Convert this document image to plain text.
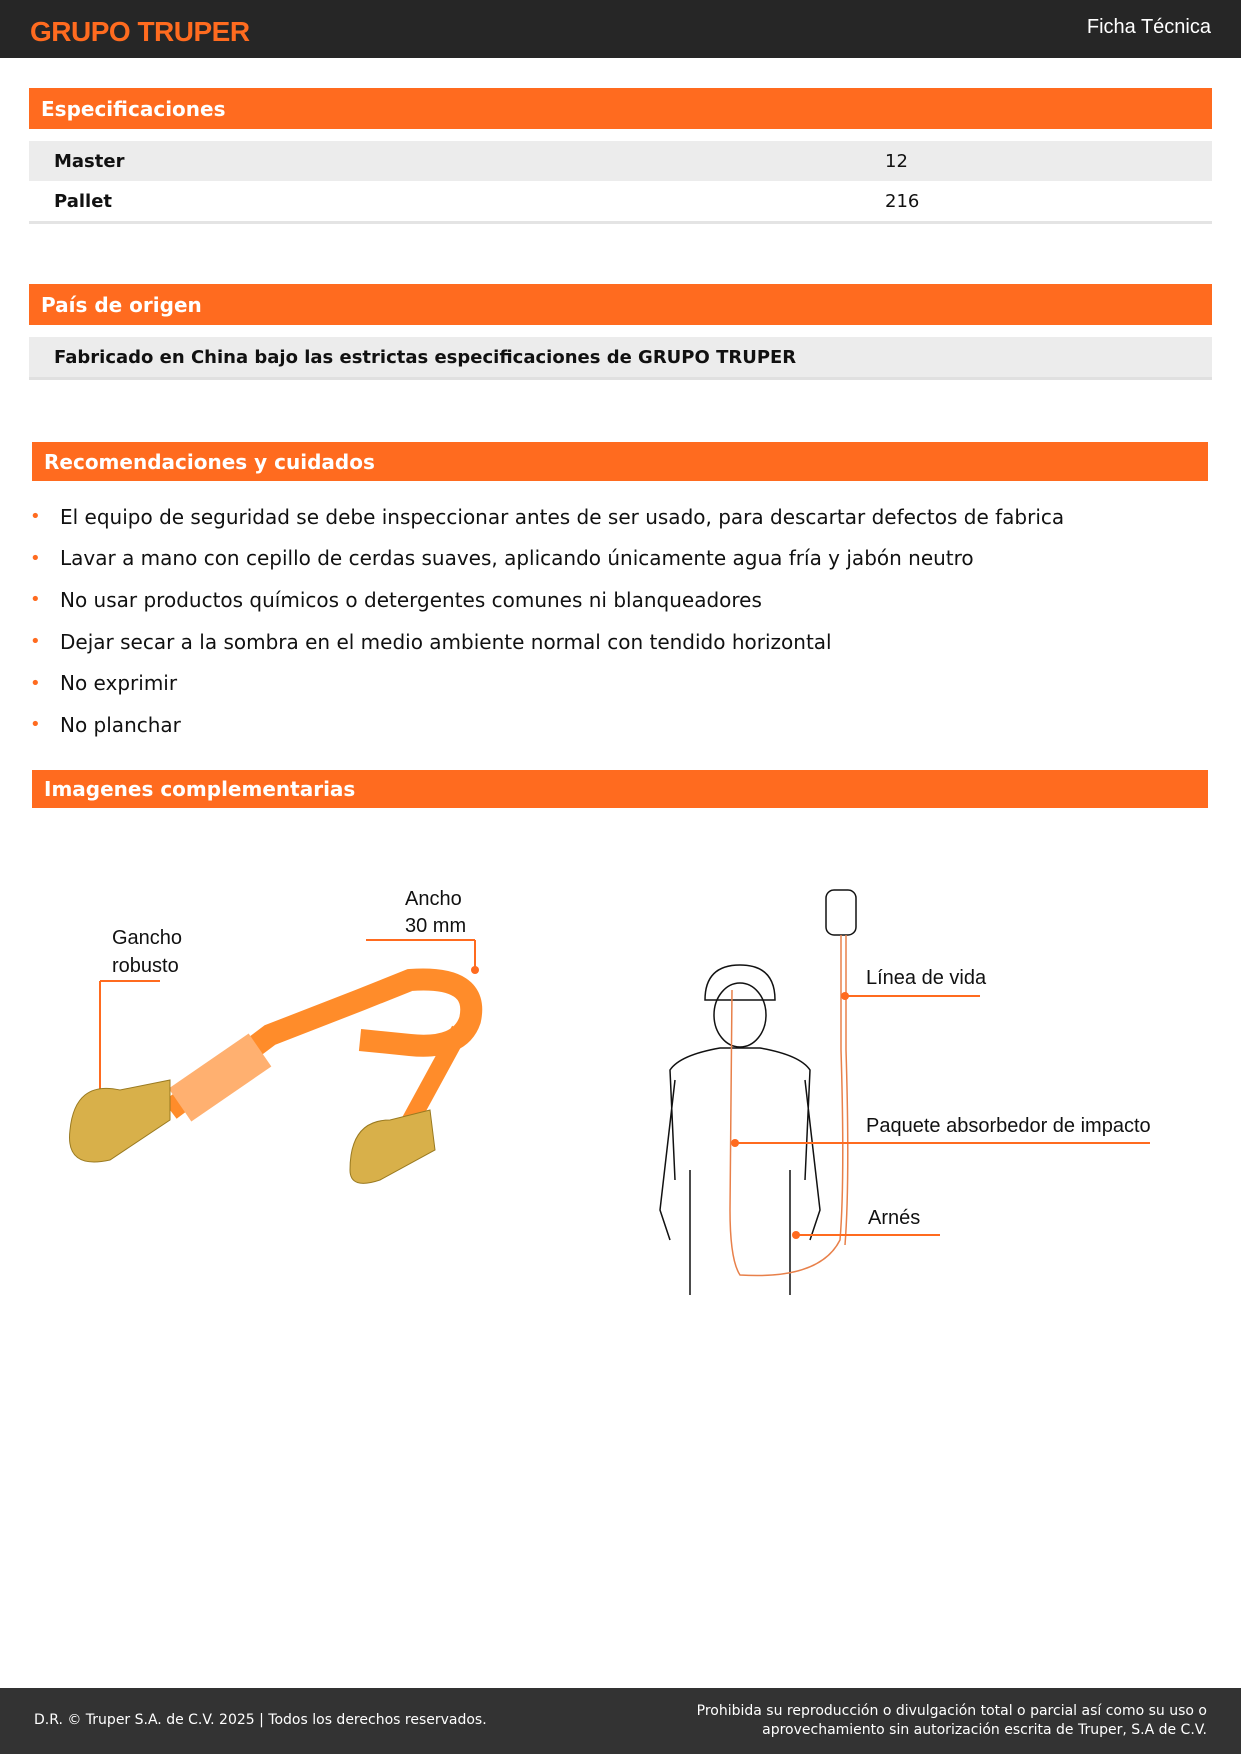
GRUPO TRUPER	Ficha Técnica
Especificaciones
Master	12
Pallet	216
País de origen
Fabricado en China bajo las estrictas especificaciones de GRUPO TRUPER
Recomendaciones y cuidados
• El equipo de seguridad se debe inspeccionar antes de ser usado, para descartar defectos de fabrica
• Lavar a mano con cepillo de cerdas suaves, aplicando únicamente agua fría y jabón neutro
• No usar productos químicos o detergentes comunes ni blanqueadores
• Dejar secar a la sombra en el medio ambiente normal con tendido horizontal
• No exprimir
• No planchar
Imagenes complementarias
Gancho
robusto
Ancho
30 mm
Línea de vida
Paquete absorbedor de impacto
Arnés
D.R. © Truper S.A. de C.V. 2025 | Todos los derechos reservados.
Prohibida su reproducción o divulgación total o parcial así como su uso o
aprovechamiento sin autorización escrita de Truper, S.A de C.V.
